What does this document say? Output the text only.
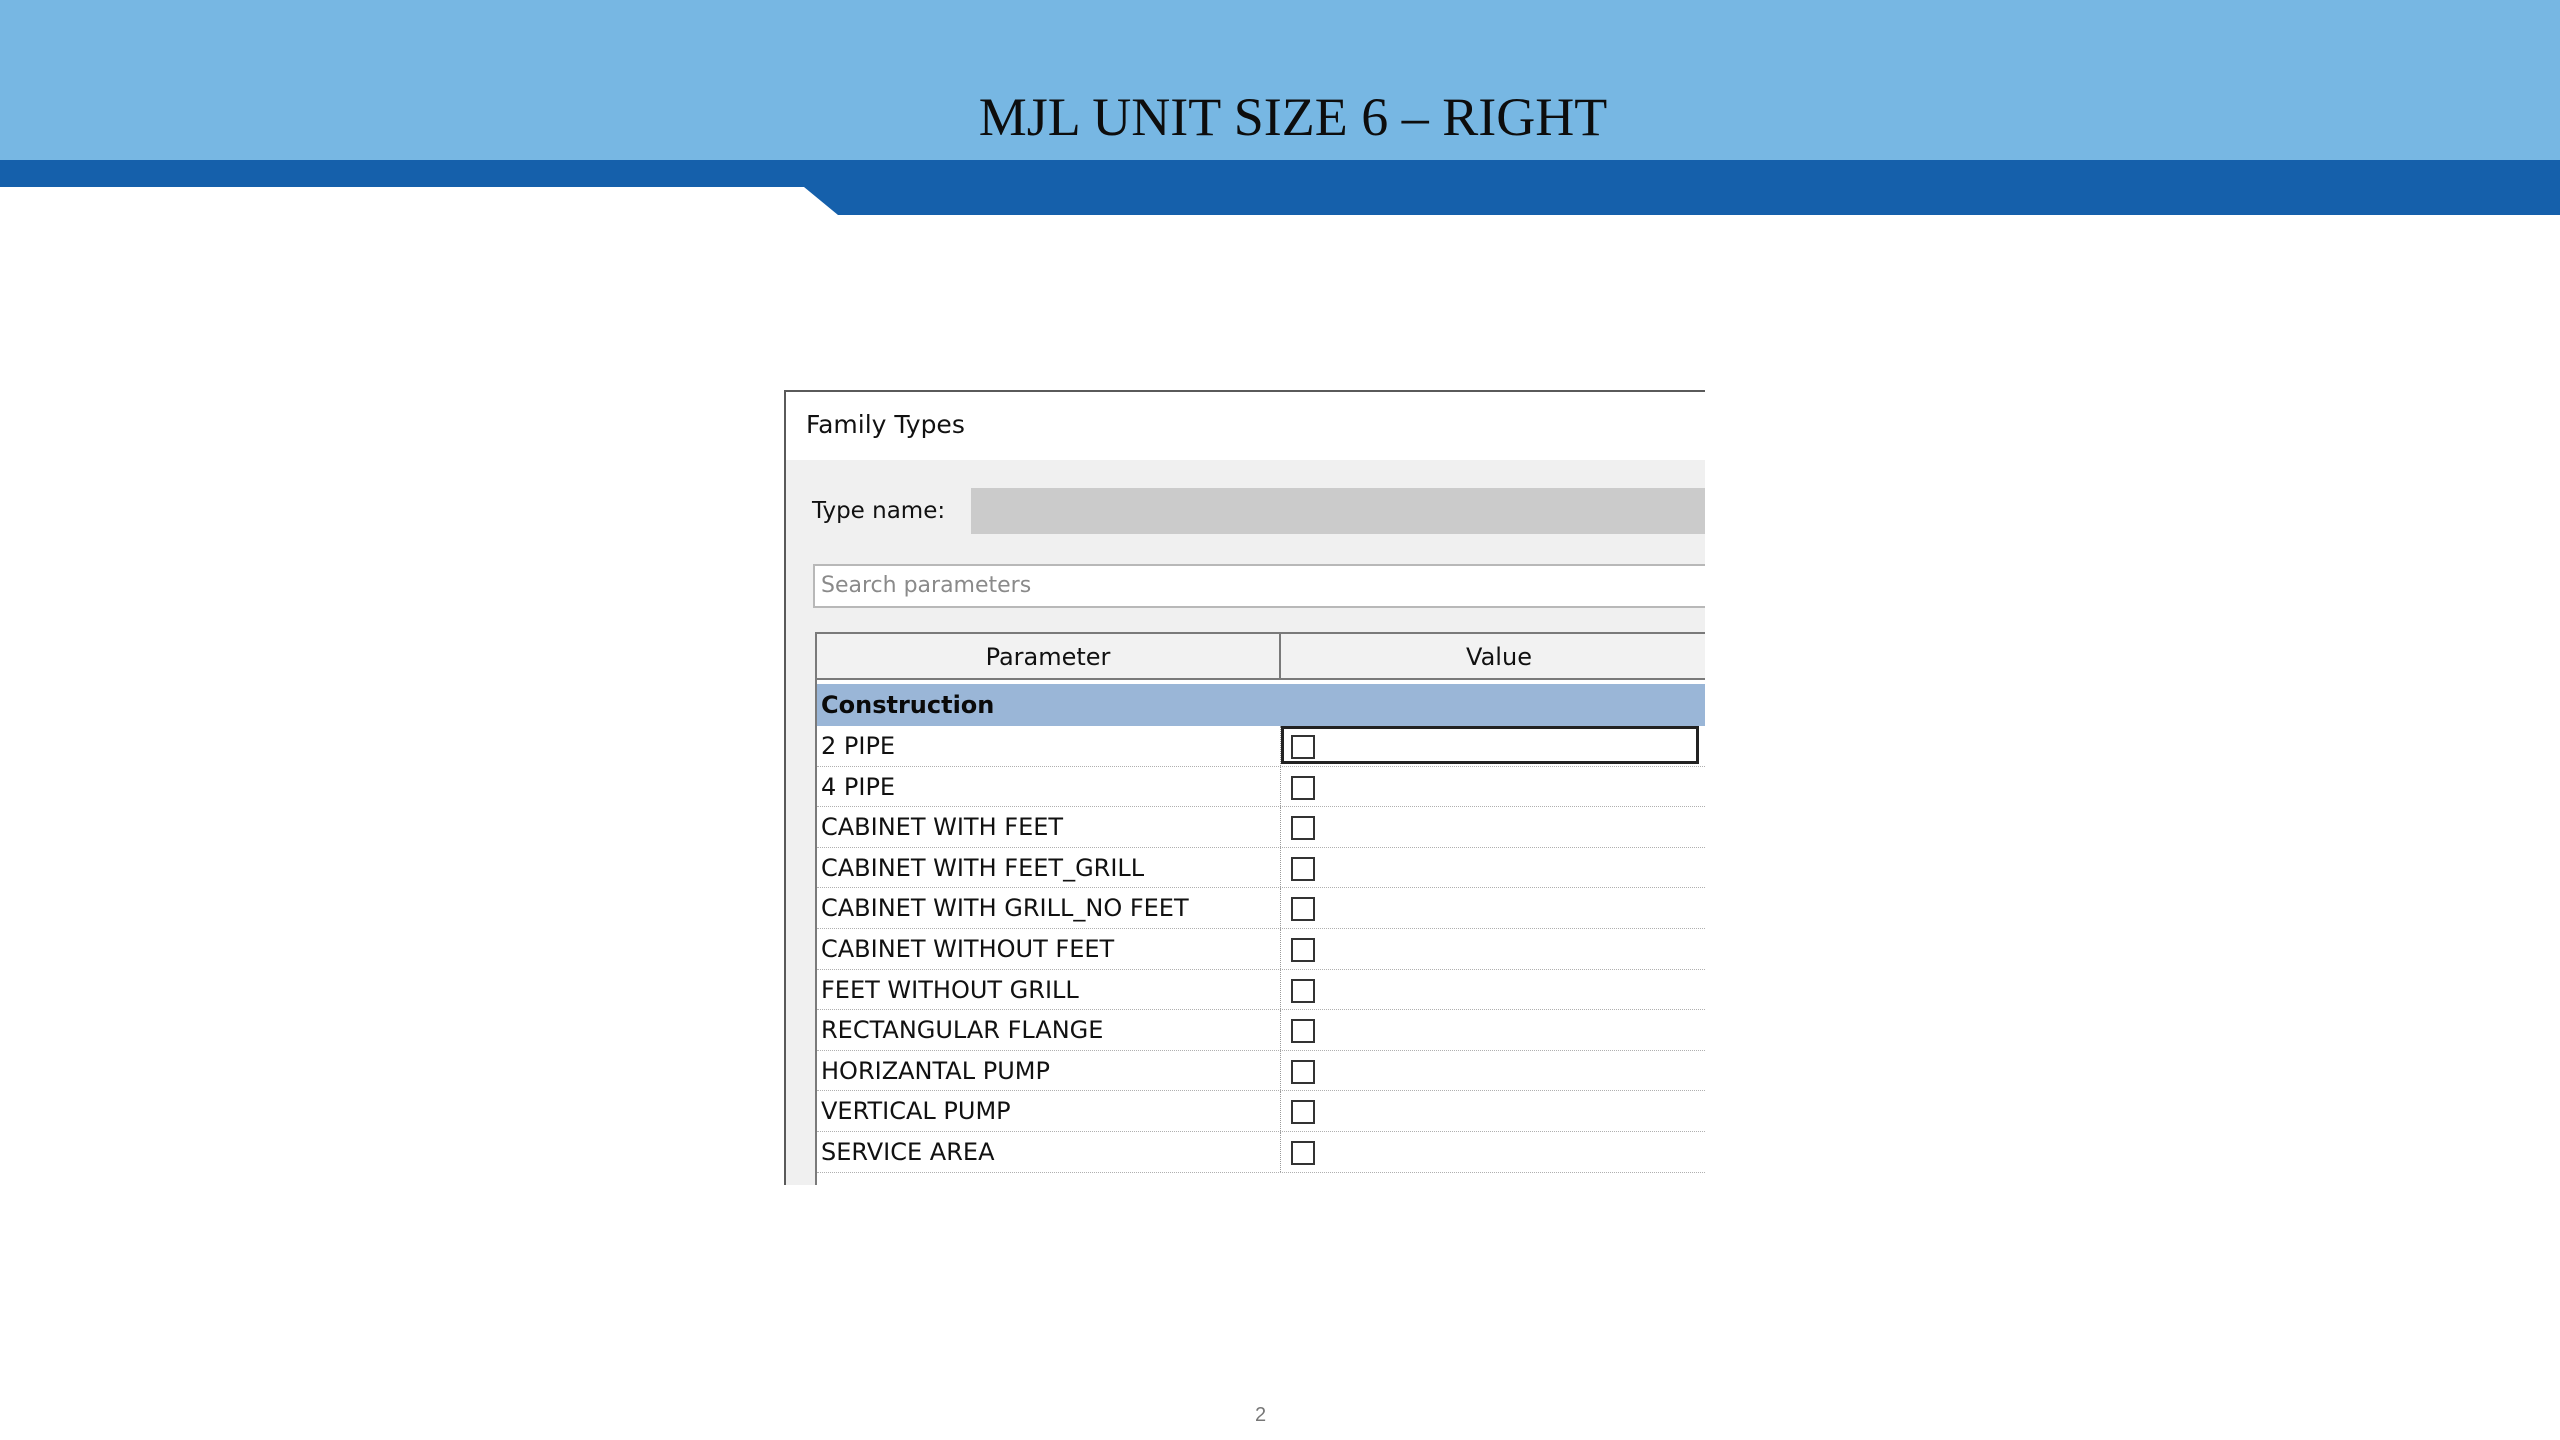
MJL UNIT SIZE 6 – RIGHT
Family Types
Type name:
Search parameters
Parameter	Value
Construction
2 PIPE
4 PIPE
CABINET WITH FEET
CABINET WITH FEET_GRILL
CABINET WITH GRILL_NO FEET
CABINET WITHOUT FEET
FEET WITHOUT GRILL
RECTANGULAR FLANGE
HORIZANTAL PUMP
VERTICAL PUMP
SERVICE AREA
2
